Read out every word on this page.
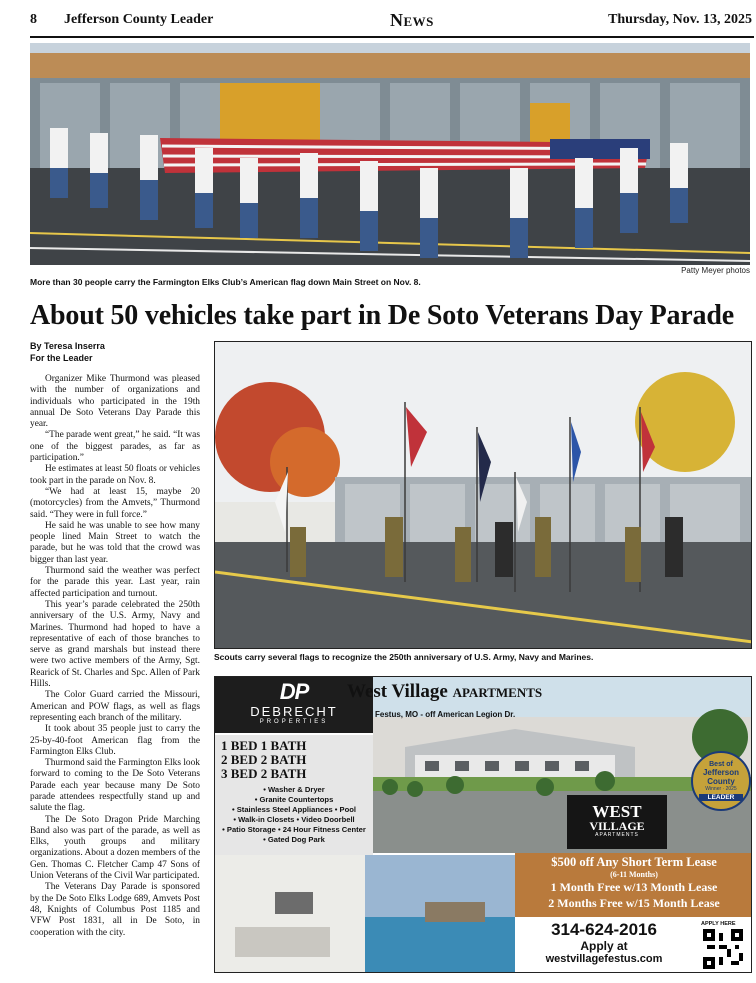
8 Jefferson County Leader	News	Thursday, Nov. 13, 2025
Patty Meyer photos
More than 30 people carry the Farmington Elks Club’s American flag down Main Street on Nov. 8.
About 50 vehicles take part in De Soto Veterans Day Parade
By Teresa Inserra
For the Leader

Organizer Mike Thurmond was pleased with the number of organizations and individuals who participated in the 19th annual De Soto Veterans Day Parade this year.

“The parade went great,” he said. “It was one of the biggest parades, as far as participation.”

He estimates at least 50 floats or vehicles took part in the parade on Nov. 8.

“We had at least 15, maybe 20 (motorcycles) from the Amvets,” Thurmond said. “They were in full force.”

He said he was unable to see how many people lined Main Street to watch the parade, but he was told that the crowd was bigger than last year.

Thurmond said the weather was perfect for the parade this year. Last year, rain affected participation and turnout.

This year’s parade celebrated the 250th anniversary of the U.S. Army, Navy and Marines. Thurmond had hoped to have a representative of each of those branches to serve as grand marshals but instead there were two active members of the Army, Sgt. Rearick of St. Charles and Spc. Allen of Park Hills.

The Color Guard carried the Missouri, American and POW flags, as well as flags representing each branch of the military.

It took about 35 people just to carry the 25-by-40-foot American flag from the Farmington Elks Club.

Thurmond said the Farmington Elks look forward to coming to the De Soto Veterans Parade each year because many De Soto parade attendees respectfully stand up and salute the flag.

The De Soto Dragon Pride Marching Band also was part of the parade, as well as Elks, youth groups and military organizations. About a dozen members of the Gen. Thomas C. Fletcher Camp 47 Sons of Union Veterans of the Civil War participated.

The Veterans Day Parade is sponsored by the De Soto Elks Lodge 689, Amvets Post 48, Knights of Columbus Post 1185 and VFW Post 1831, all in De Soto, in cooperation with the city.

Scouts carry several flags to recognize the 250th anniversary of U.S. Army, Navy and Marines.
DP
DEBRECHT
PROPERTIES
West Village APARTMENTS
Festus, MO - off American Legion Dr.
1 BED 1 BATH
2 BED 2 BATH
3 BED 2 BATH
• Washer & Dryer
• Granite Countertops
• Stainless Steel Appliances • Pool
• Walk-in Closets • Video Doorbell
• Patio Storage • 24 Hour Fitness Center
• Gated Dog Park
WEST
VILLAGE
APARTMENTS
Best of
Jefferson County
Winner · 2025
LEADER
$500 off Any Short Term Lease
(6-11 Months)
1 Month Free w/13 Month Lease
2 Months Free w/15 Month Lease
314-624-2016
Apply at
westvillagefestus.com
APPLY HERE
